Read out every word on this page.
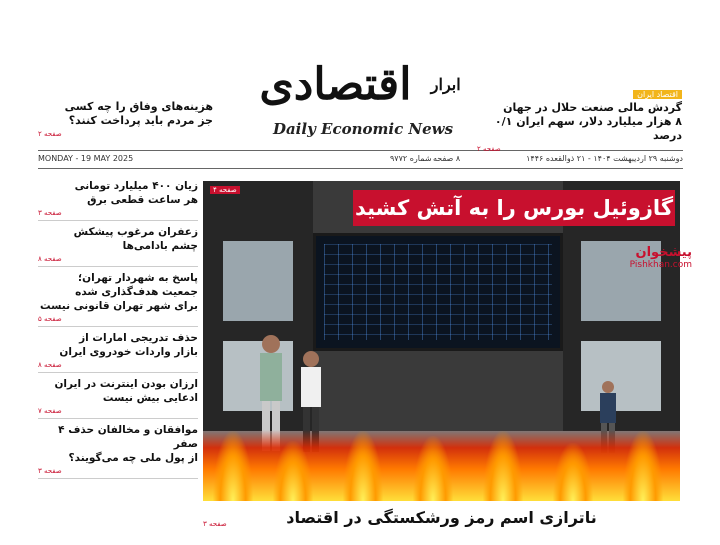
$^{ابرار}$ اقتصادی
Daily Economic News
دوشنبه ۲۹ اردیبهشت ۱۴۰۴ - ۲۱ ذوالقعده ۱۴۴۶
۸ صفحه
شماره ۹۷۷۲
MONDAY - 19 MAY 2025
اقتصاد ایران
گردش مالی صنعت حلال در جهان
۸ هزار میلیارد دلار، سهم ایران ۰/۱ درصد
صفحه ۲
هزینه‌های وفاق را چه کسی
جز مردم باید پرداخت کنند؟
صفحه ۲
زیان ۴۰۰ میلیارد تومانی
هر ساعت قطعی برق
صفحه ۳
زعفران مرغوب پیشکش
چشم بادامی‌ها
صفحه ۸
پاسخ به شهردار تهران؛
جمعیت هدف‌گذاری شده
برای شهر تهران قانونی نیست
صفحه ۵
حذف تدریجی امارات از
بازار واردات خودروی ایران
صفحه ۸
ارزان بودن اینترنت در ایران
ادعایی بیش نیست
صفحه ۷
موافقان و مخالفان حذف ۴ صفر
از پول ملی چه می‌گویند؟
صفحه ۳
صفحه ۴
گازوئیل بورس را به آتش کشید
پیشخوان
Pishkhan.com
ناترازی اسم رمز ورشکستگی در اقتصاد
صفحه ۳
